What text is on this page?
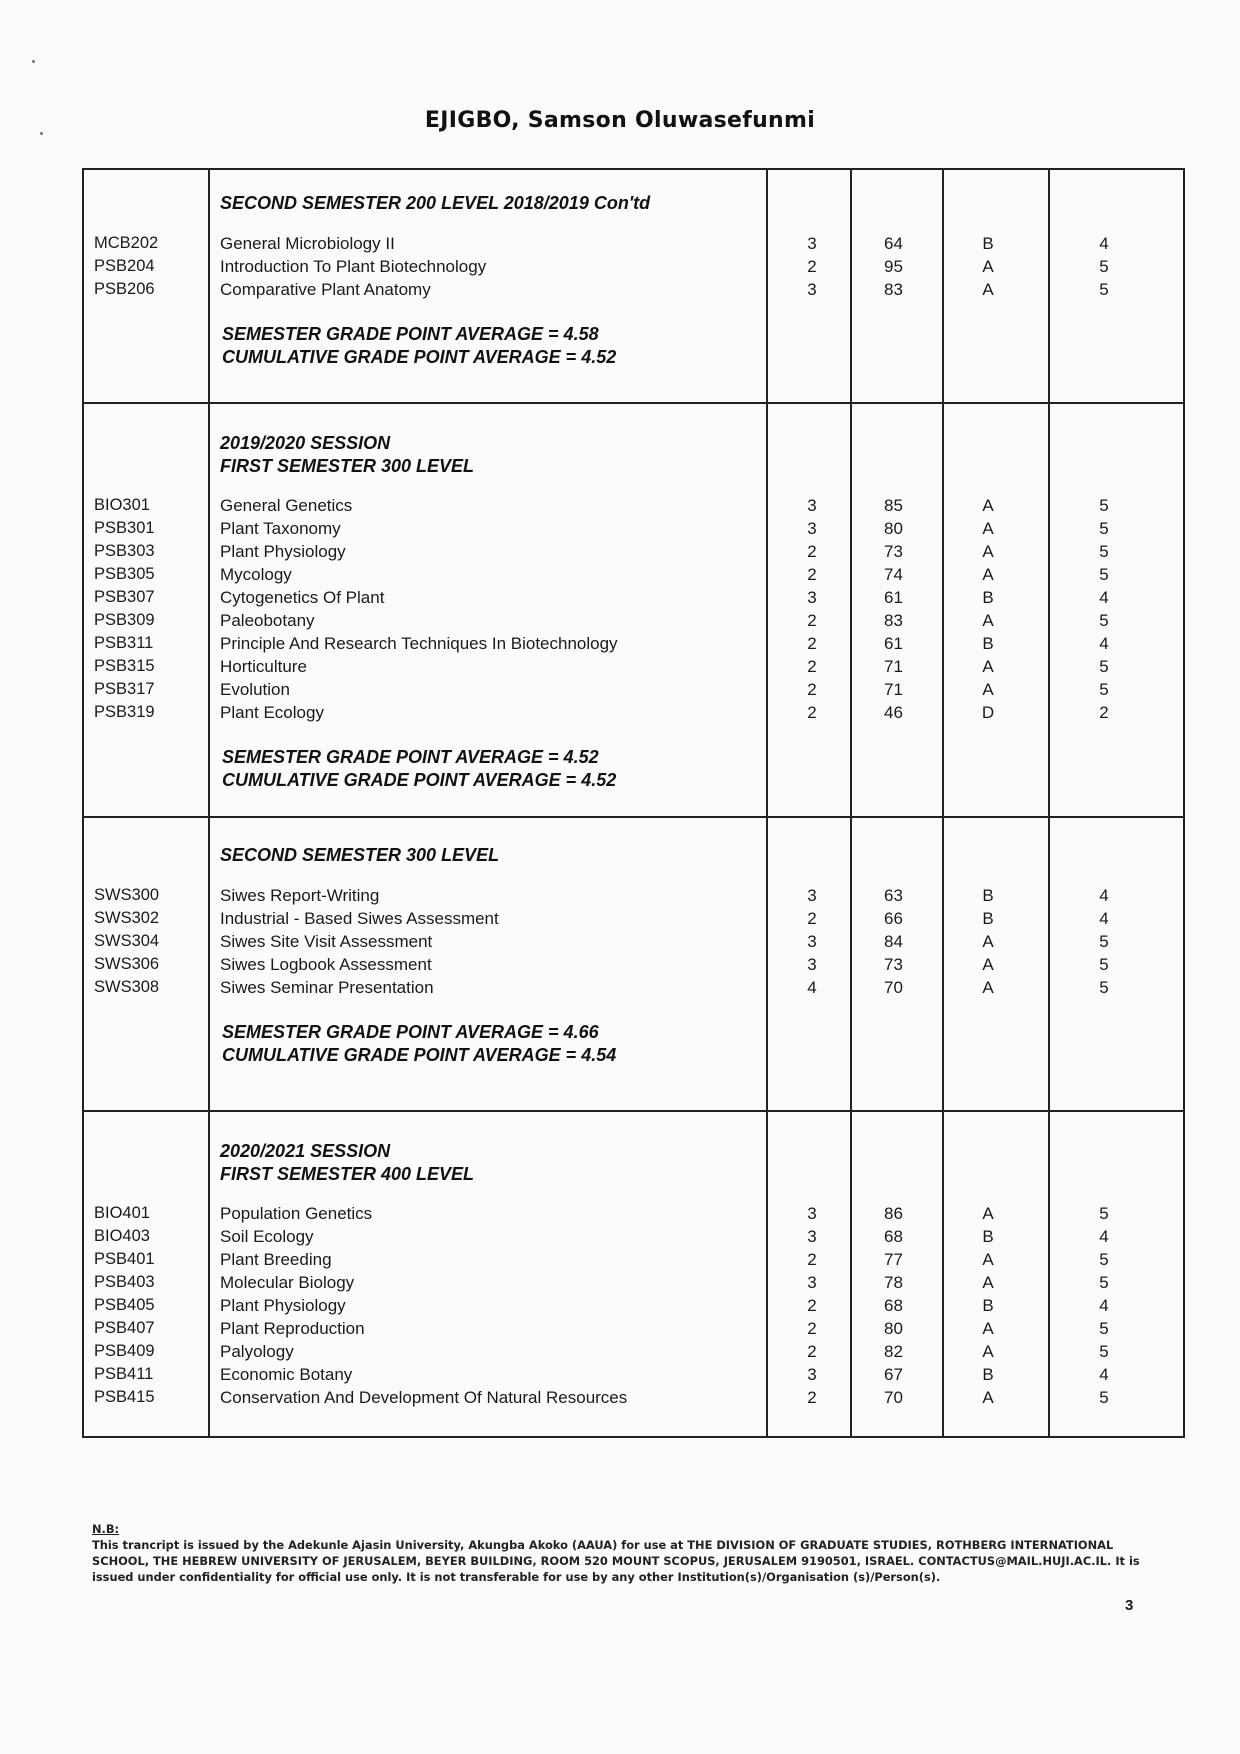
EJIGBO, Samson Oluwasefunmi
SECOND SEMESTER 200 LEVEL 2018/2019 Con'td
MCB202	General Microbiology II	3	64	B	4
PSB204	Introduction To Plant Biotechnology	2	95	A	5
PSB206	Comparative Plant Anatomy	3	83	A	5
SEMESTER GRADE POINT AVERAGE = 4.58
CUMULATIVE GRADE POINT AVERAGE = 4.52
2019/2020 SESSION
FIRST SEMESTER 300 LEVEL
BIO301	General Genetics	3	85	A	5
PSB301	Plant Taxonomy	3	80	A	5
PSB303	Plant Physiology	2	73	A	5
PSB305	Mycology	2	74	A	5
PSB307	Cytogenetics Of Plant	3	61	B	4
PSB309	Paleobotany	2	83	A	5
PSB311	Principle And Research Techniques In Biotechnology	2	61	B	4
PSB315	Horticulture	2	71	A	5
PSB317	Evolution	2	71	A	5
PSB319	Plant Ecology	2	46	D	2
SEMESTER GRADE POINT AVERAGE = 4.52
CUMULATIVE GRADE POINT AVERAGE = 4.52
SECOND SEMESTER 300 LEVEL
SWS300	Siwes Report-Writing	3	63	B	4
SWS302	Industrial - Based Siwes Assessment	2	66	B	4
SWS304	Siwes Site Visit Assessment	3	84	A	5
SWS306	Siwes Logbook Assessment	3	73	A	5
SWS308	Siwes Seminar Presentation	4	70	A	5
SEMESTER GRADE POINT AVERAGE = 4.66
CUMULATIVE GRADE POINT AVERAGE = 4.54
2020/2021 SESSION
FIRST SEMESTER 400 LEVEL
BIO401	Population Genetics	3	86	A	5
BIO403	Soil Ecology	3	68	B	4
PSB401	Plant Breeding	2	77	A	5
PSB403	Molecular Biology	3	78	A	5
PSB405	Plant Physiology	2	68	B	4
PSB407	Plant Reproduction	2	80	A	5
PSB409	Palyology	2	82	A	5
PSB411	Economic Botany	3	67	B	4
PSB415	Conservation And Development Of Natural Resources	2	70	A	5
N.B:
This trancript is issued by the Adekunle Ajasin University, Akungba Akoko (AAUA) for use at THE DIVISION OF GRADUATE STUDIES, ROTHBERG INTERNATIONAL SCHOOL, THE HEBREW UNIVERSITY OF JERUSALEM, BEYER BUILDING, ROOM 520 MOUNT SCOPUS, JERUSALEM 9190501, ISRAEL. CONTACTUS@MAIL.HUJI.AC.IL. It is issued under confidentiality for official use only. It is not transferable for use by any other Institution(s)/Organisation (s)/Person(s).
3
